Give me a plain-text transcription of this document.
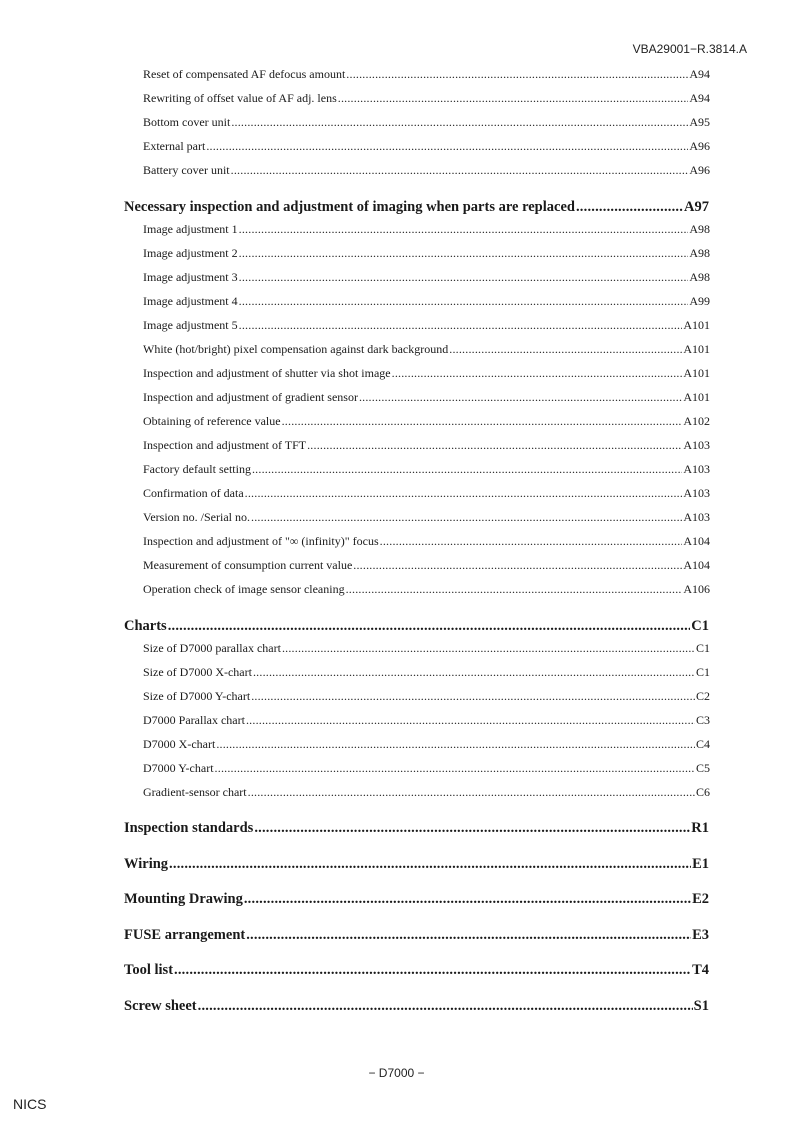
VBA29001−R.3814.A
Reset of compensated AF defocus amount .....	A94
Rewriting of offset value of AF adj. lens .....	A94
Bottom cover unit .....	A95
External part .....	A96
Battery cover unit .....	A96
Necessary inspection and adjustment of imaging when parts are replaced .....	A97
Image adjustment 1 .....	A98
Image adjustment 2 .....	A98
Image adjustment 3 .....	A98
Image adjustment 4 .....	A99
Image adjustment 5 .....	A101
White (hot/bright) pixel compensation against dark background .....	A101
Inspection and adjustment of shutter via shot image .....	A101
Inspection and adjustment of gradient sensor .....	A101
Obtaining of reference value .....	A102
Inspection and adjustment of TFT .....	A103
Factory default setting .....	A103
Confirmation of data .....	A103
Version no. /Serial no. .....	A103
Inspection and adjustment of "∞ (infinity)" focus .....	A104
Measurement of consumption current value .....	A104
Operation check of image sensor cleaning .....	A106
Charts .....	C1
Size of D7000 parallax chart .....	C1
Size of D7000 X-chart .....	C1
Size of D7000 Y-chart .....	C2
D7000 Parallax chart .....	C3
D7000 X-chart .....	C4
D7000 Y-chart .....	C5
Gradient-sensor chart .....	C6
Inspection standards .....	R1
Wiring .....	E1
Mounting Drawing .....	E2
FUSE arrangement .....	E3
Tool list .....	T4
Screw sheet .....	S1
− D7000 −
NICS
